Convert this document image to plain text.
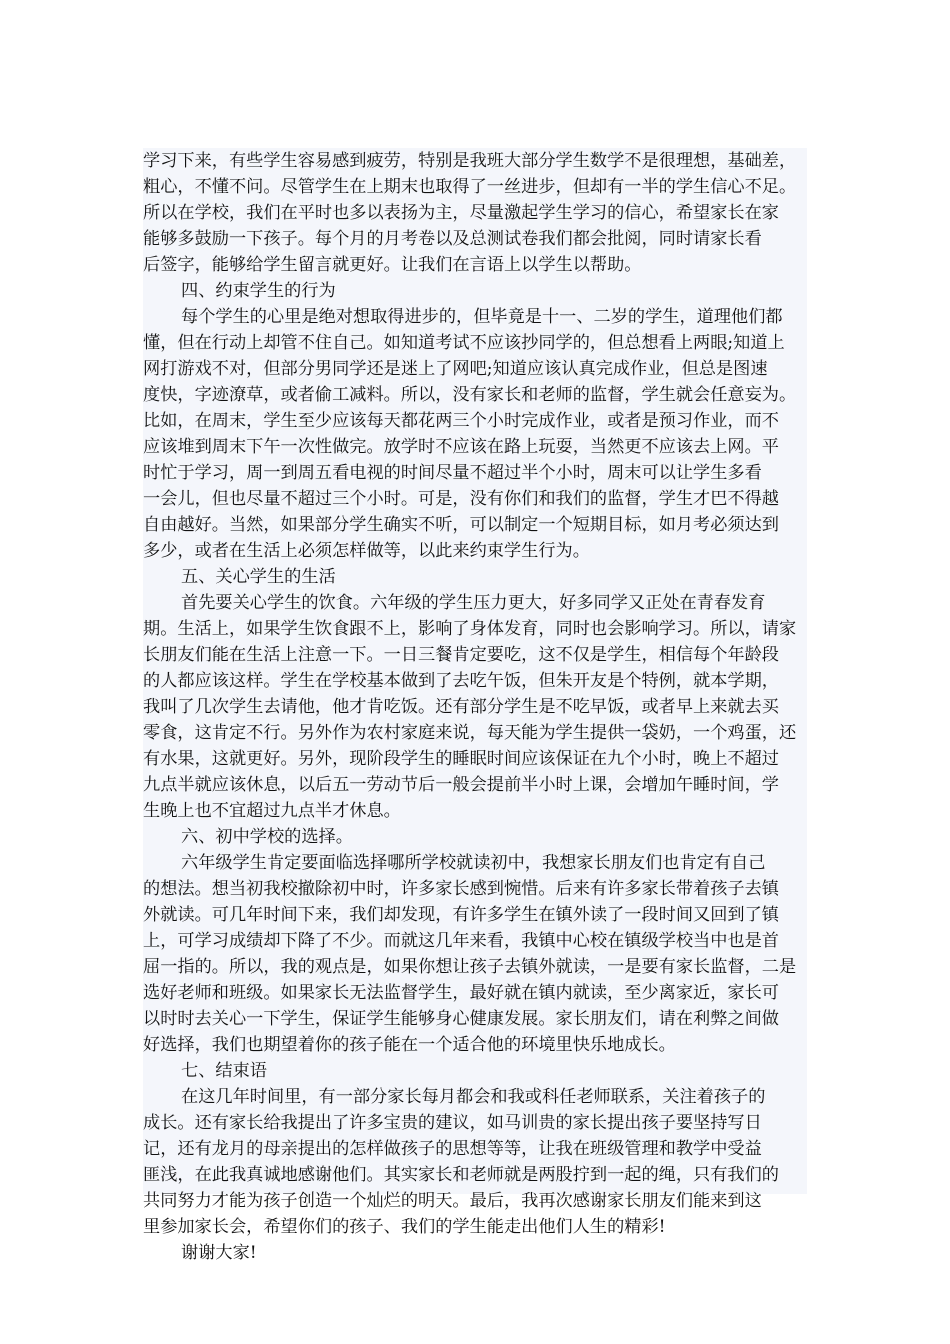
学习下来，有些学生容易感到疲劳，特别是我班大部分学生数学不是很理想，基础差，
粗心，不懂不问。尽管学生在上期末也取得了一丝进步，但却有一半的学生信心不足。
所以在学校，我们在平时也多以表扬为主，尽量激起学生学习的信心，希望家长在家
能够多鼓励一下孩子。每个月的月考卷以及总测试卷我们都会批阅，同时请家长看
后签字，能够给学生留言就更好。让我们在言语上以学生以帮助。
四、约束学生的行为
每个学生的心里是绝对想取得进步的，但毕竟是十一、二岁的学生，道理他们都
懂，但在行动上却管不住自己。如知道考试不应该抄同学的，但总想看上两眼;知道上
网打游戏不对，但部分男同学还是迷上了网吧;知道应该认真完成作业，但总是图速
度快，字迹潦草，或者偷工减料。所以，没有家长和老师的监督，学生就会任意妄为。
比如，在周末，学生至少应该每天都花两三个小时完成作业，或者是预习作业，而不
应该堆到周末下午一次性做完。放学时不应该在路上玩耍，当然更不应该去上网。平
时忙于学习，周一到周五看电视的时间尽量不超过半个小时，周末可以让学生多看
一会儿，但也尽量不超过三个小时。可是，没有你们和我们的监督，学生才巴不得越
自由越好。当然，如果部分学生确实不听，可以制定一个短期目标，如月考必须达到
多少，或者在生活上必须怎样做等，以此来约束学生行为。
五、关心学生的生活
首先要关心学生的饮食。六年级的学生压力更大，好多同学又正处在青春发育
期。生活上，如果学生饮食跟不上，影响了身体发育，同时也会影响学习。所以，请家
长朋友们能在生活上注意一下。一日三餐肯定要吃，这不仅是学生，相信每个年龄段
的人都应该这样。学生在学校基本做到了去吃午饭，但朱开友是个特例，就本学期，
我叫了几次学生去请他，他才肯吃饭。还有部分学生是不吃早饭，或者早上来就去买
零食，这肯定不行。另外作为农村家庭来说，每天能为学生提供一袋奶，一个鸡蛋，还
有水果，这就更好。另外，现阶段学生的睡眠时间应该保证在九个小时，晚上不超过
九点半就应该休息，以后五一劳动节后一般会提前半小时上课，会增加午睡时间，学
生晚上也不宜超过九点半才休息。
六、初中学校的选择。
六年级学生肯定要面临选择哪所学校就读初中，我想家长朋友们也肯定有自己
的想法。想当初我校撤除初中时，许多家长感到惋惜。后来有许多家长带着孩子去镇
外就读。可几年时间下来，我们却发现，有许多学生在镇外读了一段时间又回到了镇
上，可学习成绩却下降了不少。而就这几年来看，我镇中心校在镇级学校当中也是首
屈一指的。所以，我的观点是，如果你想让孩子去镇外就读，一是要有家长监督，二是
选好老师和班级。如果家长无法监督学生，最好就在镇内就读，至少离家近，家长可
以时时去关心一下学生，保证学生能够身心健康发展。家长朋友们，请在利弊之间做
好选择，我们也期望着你的孩子能在一个适合他的环境里快乐地成长。
七、结束语
在这几年时间里，有一部分家长每月都会和我或科任老师联系，关注着孩子的
成长。还有家长给我提出了许多宝贵的建议，如马训贵的家长提出孩子要坚持写日
记，还有龙月的母亲提出的怎样做孩子的思想等等，让我在班级管理和教学中受益
匪浅，在此我真诚地感谢他们。其实家长和老师就是两股拧到一起的绳，只有我们的
共同努力才能为孩子创造一个灿烂的明天。最后，我再次感谢家长朋友们能来到这
里参加家长会，希望你们的孩子、我们的学生能走出他们人生的精彩!
谢谢大家!
